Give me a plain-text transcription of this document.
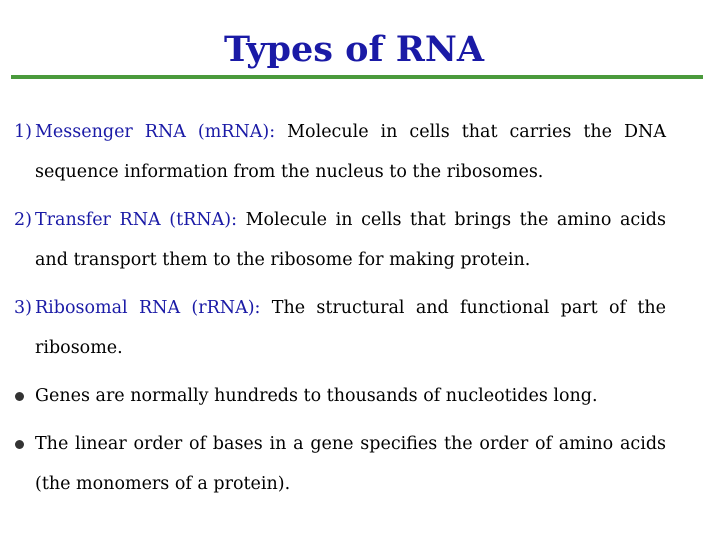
Types of RNA
1) Messenger RNA (mRNA): Molecule in cells that carries the DNA sequence information from the nucleus to the ribosomes.
2) Transfer RNA (tRNA): Molecule in cells that brings the amino acids and transport them to the ribosome for making protein.
3) Ribosomal RNA (rRNA): The structural and functional part of the ribosome.
Genes are normally hundreds to thousands of nucleotides long.
The linear order of bases in a gene specifies the order of amino acids (the monomers of a protein).
